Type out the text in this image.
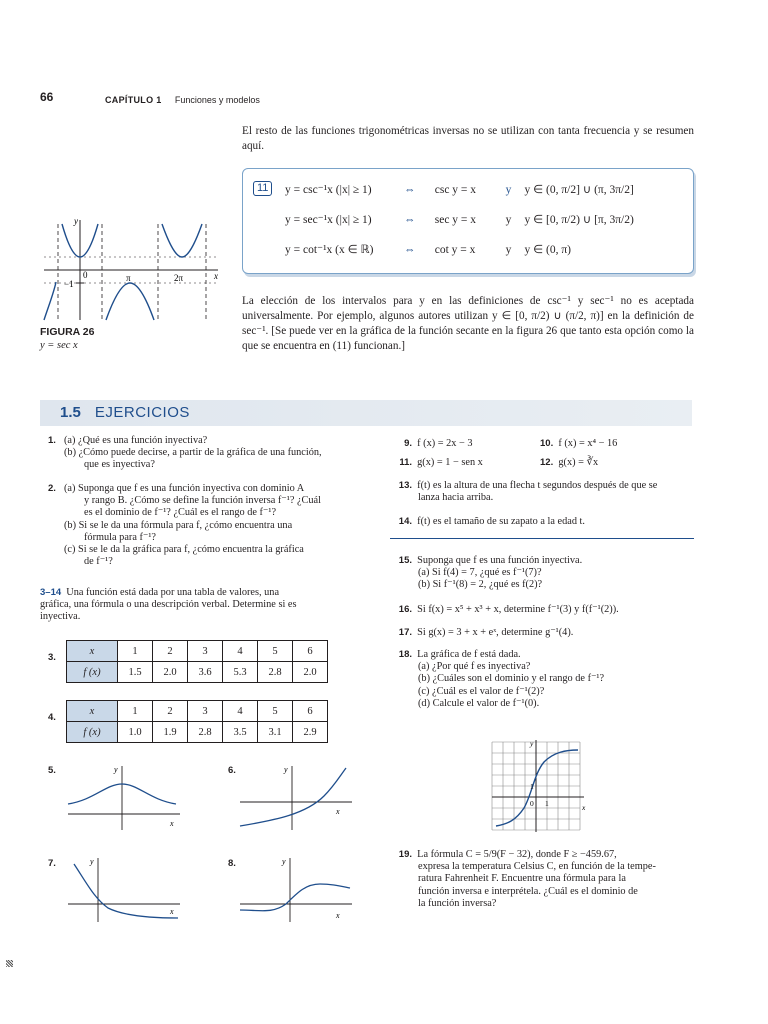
66	CAPÍTULO 1 Funciones y modelos
El resto de las funciones trigonométricas inversas no se utilizan con tanta frecuencia y se resumen aquí.
11	y = csc⁻¹x (|x| ≥ 1)	⇔ csc y = x	y y ∈ (0, π/2] ∪ (π, 3π/2]
y = sec⁻¹x (|x| ≥ 1)	⇔ sec y = x	y y ∈ [0, π/2) ∪ [π, 3π/2)
y = cot⁻¹x (x ∈ ℝ)	⇔ cot y = x	y y ∈ (0, π)
y
x
0
−1
π	2π
FIGURA 26
y = sec x
La elección de los intervalos para y en las definiciones de csc⁻¹ y sec⁻¹ no es aceptada universalmente. Por ejemplo, algunos autores utilizan y ∈ [0, π/2) ∪ (π/2, π)] en la definición de sec⁻¹. [Se puede ver en la gráfica de la función secante en la figura 26 que tanto esta opción como la que se encuentra en (11) funcionan.]
1.5 EJERCICIOS
1. (a) ¿Qué es una función inyectiva?
(b) ¿Cómo puede decirse, a partir de la gráfica de una función,
que es inyectiva?
2. (a) Suponga que f es una función inyectiva con dominio A
y rango B. ¿Cómo se define la función inversa f⁻¹? ¿Cuál
es el dominio de f⁻¹? ¿Cuál es el rango de f⁻¹?
(b) Si se le da una fórmula para f, ¿cómo encuentra una
fórmula para f⁻¹?
(c) Si se le da la gráfica para f, ¿cómo encuentra la gráfica
de f⁻¹?
3–14 Una función está dada por una tabla de valores, una
gráfica, una fórmula o una descripción verbal. Determine si es
inyectiva.
3.
x	1	2	3	4	5	6
f (x)	1.5	2.0	3.6	5.3	2.8	2.0
4.
x	1	2	3	4	5	6
f (x)	1.0	1.9	2.8	3.5	3.1	2.9
5.	y
x
6.	y
x
7.	y
x
8.	y
x
9. f (x) = 2x − 3	10. f (x) = x⁴ − 16
11. g(x) = 1 − sen x	12. g(x) = ∛x
13. f(t) es la altura de una flecha t segundos después de que se
lanza hacia arriba.
14. f(t) es el tamaño de su zapato a la edad t.
15. Suponga que f es una función inyectiva.
(a) Si f(4) = 7, ¿qué es f⁻¹(7)?
(b) Si f⁻¹(8) = 2, ¿qué es f(2)?
16. Si f(x) = x⁵ + x³ + x, determine f⁻¹(3) y f(f⁻¹(2)).
17. Si g(x) = 3 + x + eˣ, determine g⁻¹(4).
18. La gráfica de f está dada.
(a) ¿Por qué f es inyectiva?
(b) ¿Cuáles son el dominio y el rango de f⁻¹?
(c) ¿Cuál es el valor de f⁻¹(2)?
(d) Calcule el valor de f⁻¹(0).
y
x
0 1
1
19. La fórmula C = 5/9(F − 32), donde F ≥ −459.67,
expresa la temperatura Celsius C, en función de la tempe-
ratura Fahrenheit F. Encuentre una fórmula para la
función inversa e interprétela. ¿Cuál es el dominio de
la función inversa?
